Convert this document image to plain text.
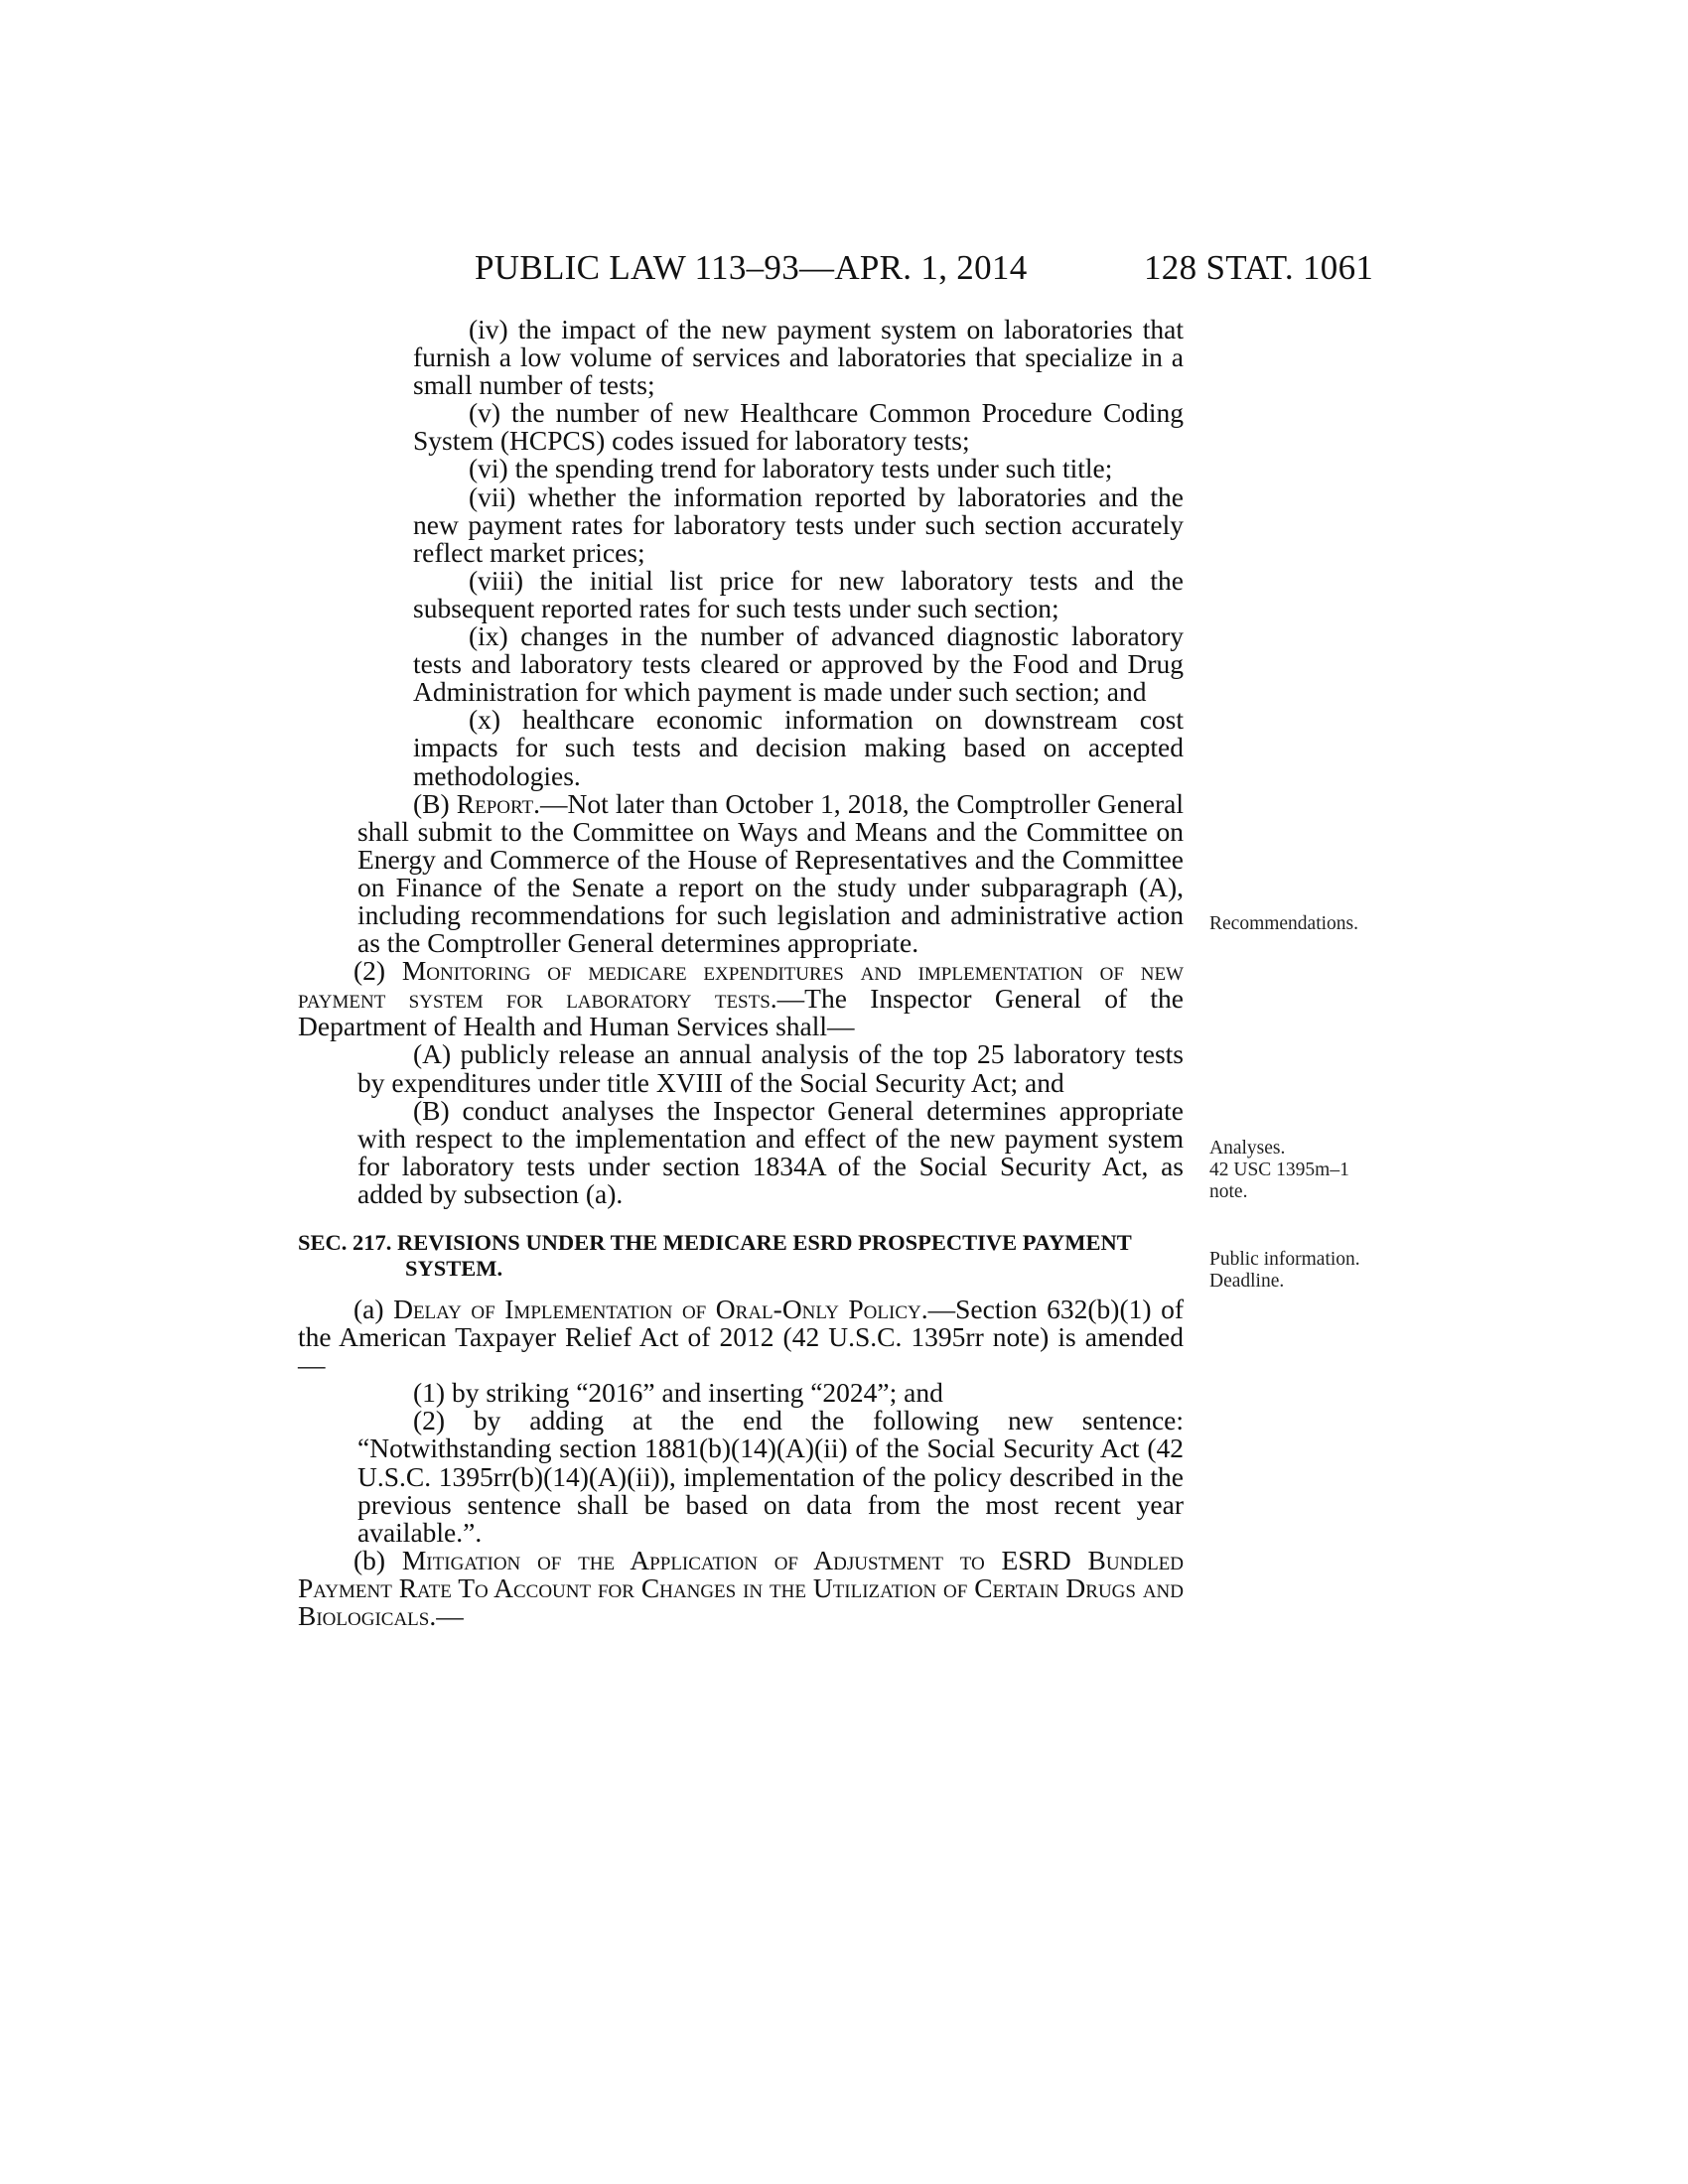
PUBLIC LAW 113–93—APR. 1, 2014	128 STAT. 1061

(iv) the impact of the new payment system on laboratories that furnish a low volume of services and laboratories that specialize in a small number of tests;

(v) the number of new Healthcare Common Procedure Coding System (HCPCS) codes issued for laboratory tests;

(vi) the spending trend for laboratory tests under such title;

(vii) whether the information reported by laboratories and the new payment rates for laboratory tests under such section accurately reflect market prices;

(viii) the initial list price for new laboratory tests and the subsequent reported rates for such tests under such section;

(ix) changes in the number of advanced diagnostic laboratory tests and laboratory tests cleared or approved by the Food and Drug Administration for which payment is made under such section; and

(x) healthcare economic information on downstream cost impacts for such tests and decision making based on accepted methodologies.

(B) Report.—Not later than October 1, 2018, the Comptroller General shall submit to the Committee on Ways and Means and the Committee on Energy and Commerce of the House of Representatives and the Committee on Finance of the Senate a report on the study under subparagraph (A), including recommendations for such legislation and administrative action as the Comptroller General determines appropriate.

(2) Monitoring of medicare expenditures and implementation of new payment system for laboratory tests.—The Inspector General of the Department of Health and Human Services shall—

(A) publicly release an annual analysis of the top 25 laboratory tests by expenditures under title XVIII of the Social Security Act; and

(B) conduct analyses the Inspector General determines appropriate with respect to the implementation and effect of the new payment system for laboratory tests under section 1834A of the Social Security Act, as added by subsection (a).

SEC. 217. REVISIONS UNDER THE MEDICARE ESRD PROSPECTIVE PAYMENT SYSTEM.

(a) Delay of Implementation of Oral-Only Policy.—Section 632(b)(1) of the American Taxpayer Relief Act of 2012 (42 U.S.C. 1395rr note) is amended—

(1) by striking “2016” and inserting “2024”; and

(2) by adding at the end the following new sentence: “Notwithstanding section 1881(b)(14)(A)(ii) of the Social Security Act (42 U.S.C. 1395rr(b)(14)(A)(ii)), implementation of the policy described in the previous sentence shall be based on data from the most recent year available.”.

(b) Mitigation of the Application of Adjustment to ESRD Bundled Payment Rate To Account for Changes in the Utilization of Certain Drugs and Biologicals.—

Recommendations.
Analyses.
42 USC 1395m–1 note.
Public information.
Deadline.
